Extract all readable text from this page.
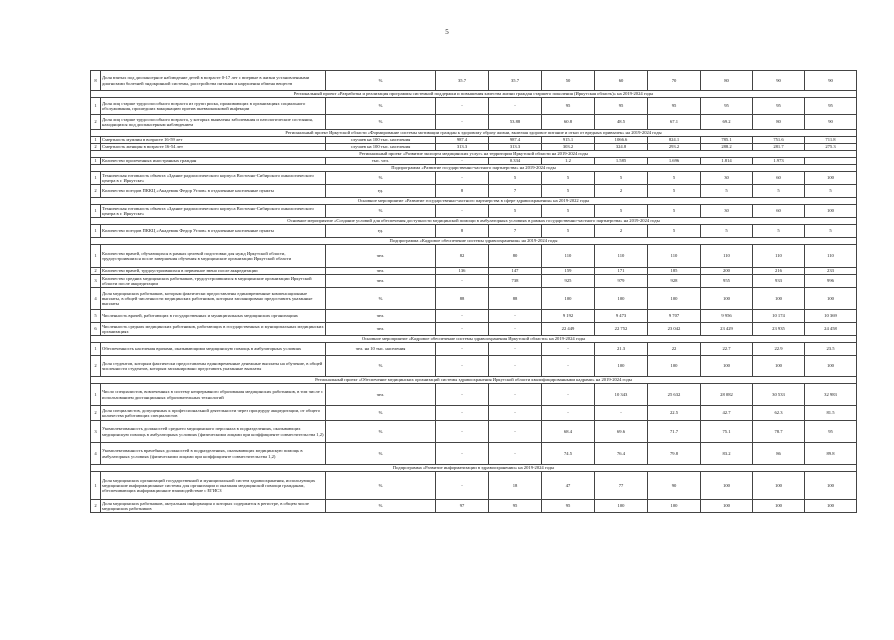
5
8	Доля взятых под диспансерное наблюдение детей в возрасте 0-17 лет с впервые в жизни установленными диагнозами болезней эндокринной системы, расстройства питания и нарушения обмена веществ	%	35.7	35.7	50	60	70	80	90	90
Региональный проект «Разработка и реализация программы системной поддержки и повышения качества жизни граждан старшего поколения (Иркутская область)» на 2019-2024 годы										
1	Доля лиц старше трудоспособного возраста из групп риска, проживающих в организациях социального обслуживания, прошедших вакцинацию против пневмококковой инфекции	%	-	-	95	95	95	95	95	95
2	Доля лиц старше трудоспособного возраста, у которых выявлены заболевания и патологические состояния, находящихся под диспансерным наблюдением	%	-	53.88	60.8	48.5	67.1	69.2	80	90
Региональный проект Иркутской области «Формирование системы мотивации граждан к здоровому образу жизни, включая здоровое питание и отказ от вредных привычек» на 2019-2024 годы										
1	Смертность мужчин в возрасте 16-59 лет	случаев на 100 тыс. населения	987.4	987.4	915.1	1066.6	824.1	785.1	751.6	711.8
2	Смертность женщин в возрасте 16-54 лет	случаев на 100 тыс. населения	313.3	313.3	303.2	324.8	293.2	288.2	281.7	275.3
Региональный проект «Развитие экспорта медицинских услуг» на территории Иркутской области на 2019-2024 годы										
1	Количество пролеченных иностранных граждан	тыс. чел.	-	0.334	1.2	1.585	1.696	1.814	1.973	
Подпрограмма «Развитие государственно-частного партнерства» на 2019-2024 годы										
1	Техническая готовность объекта «Здание радиологического корпуса Восточно-Сибирского онкологического центра в г. Иркутске»	%	-	5	5	5	5	30	60	100
2	Количество поездов ПККЦ «Академик Федор Углов» в отдаленные населенные пункты	ед.	8	7	5	2	5	5	5	5
Основное мероприятие «Развитие государственно-частного партнерства в сфере здравоохранения» на 2019-2022 годы										
1	Техническая готовность объекта «Здание радиологического корпуса Восточно-Сибирского онкологического центра в г. Иркутске»	%	-	5	5	5	5	30	60	100
Основное мероприятие «Создание условий для обеспечения доступности медицинской помощи в амбулаторных условиях в рамках государственно-частного партнерства» на 2019-2024 годы										
1	Количество поездов ПККЦ «Академик Федор Углов» в отдаленные населенные пункты	ед.	8	7	5	2	5	5	5	5
Подпрограмма «Кадровое обеспечение системы здравоохранения» на 2019-2024 годы										
1	Количество врачей, обучающихся в рамках целевой подготовки для нужд Иркутской области, трудоустроившихся после завершения обучения в медицинские организации Иркутской области	чел.	82	80	110	110	110	110	110	110
2	Количество врачей, трудоустроившихся в первичное звено после аккредитации	чел.	136	147	159	171	185	200	216	233
3	Количество средних медицинских работников, трудоустроившихся в медицинские организации Иркутской области после аккредитации	чел.	-	738	925	979	928	955	933	996
4	Доля медицинских работников, которым фактически предоставлены единовременные компенсационные выплаты, в общей численности медицинских работников, которым запланировано предоставить указанные выплаты	%	88	88	100	100	100	100	100	100
5	Численность врачей, работающих в государственных и муниципальных медицинских организациях	чел.	-	-	9 192	9 473	9 707	9 956	10 174	10 369
6	Численность средних медицинских работников, работающих в государственных и муниципальных медицинских организациях	чел.	-	-	22 449	22 752	23 042	23 429	23 935	24 458
Основное мероприятие «Кадровое обеспечение системы здравоохранения Иркутской области» на 2019-2024 годы										
1	Обеспеченность населения врачами, оказывающими медицинскую помощь в амбулаторных условиях	чел. на 10 тыс. населения	-	-	-	21.3	22	22.7	22.9	23.5
2	Доля студентов, которым фактически предоставлены единовременные денежные выплаты на обучение, в общей численности студентов, которым запланировано представить указанные выплаты	%	-	-	-	100	100	100	100	100
Региональный проект «Обеспечение медицинских организаций системы здравоохранения Иркутской области квалифицированными кадрами» на 2019-2024 годы										
1	Число специалистов, вовлеченных в систему непрерывного образования медицинских работников, в том числе с использованием дистанционных образовательных технологий	чел.	-	-	-	10 343	25 632	28 082	30 533	32 983
2	Доля специалистов, допущенных к профессиональной деятельности через процедуру аккредитации, от общего количества работающих специалистов	%	-	-	-	-	22.5	42.7	62.3	81.5
3	Укомплектованность должностей среднего медицинского персонала в подразделениях, оказывающих медицинскую помощь в амбулаторных условиях (физическими лицами при коэффициенте совместительства 1,2)	%	-	-	68.4	69.6	71.7	75.1	78.7	95
4	Укомплектованность врачебных должностей в подразделениях, оказывающих медицинскую помощь в амбулаторных условиях (физическими лицами при коэффициенте совместительства 1,2)	%	-	-	74.5	76.4	79.8	83.2	86	89.8
Подпрограмма «Развитие информатизации в здравоохранении» на 2019-2024 годы										
1	Доля медицинских организаций государственной и муниципальной систем здравоохранения, использующих медицинские информационные системы для организации и оказания медицинской помощи гражданам, обеспечивающих информационное взаимодействие с ЕГИСЗ	%	-	18	47	77	90	100	100	100
2	Доля медицинских работников, актуальная информация о которых содержится в регистре, в общем числе медицинских работников	%	97	95	95	100	100	100	100	100
